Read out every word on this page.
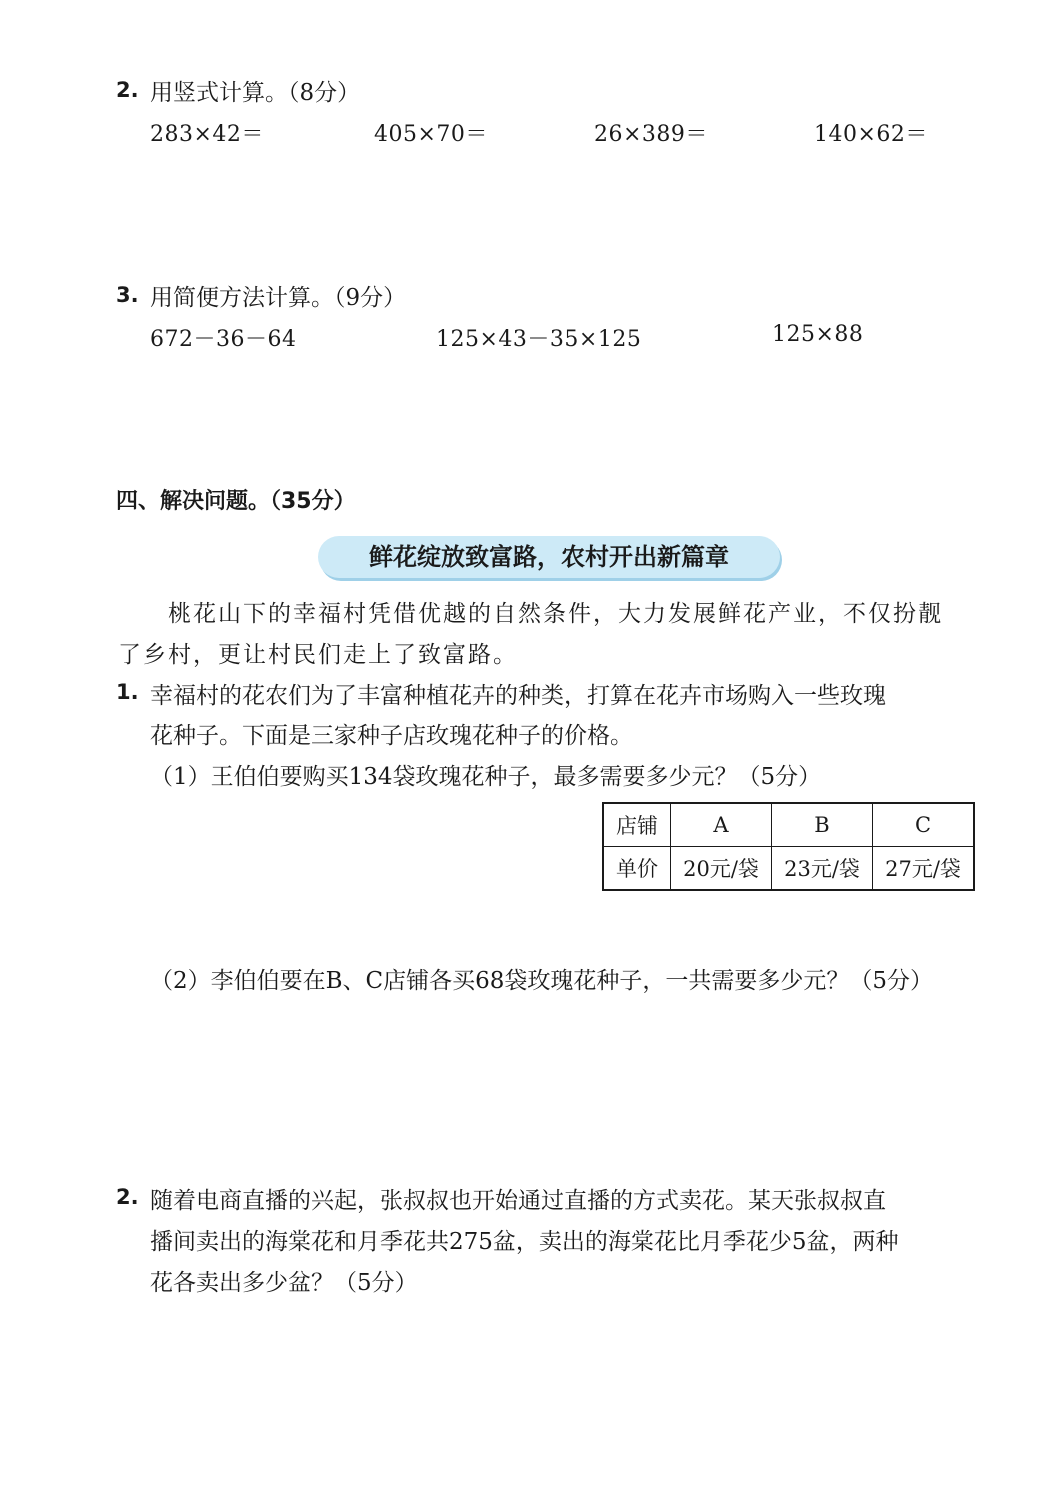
2. 用竖式计算。（8分）
283×42＝	405×70＝	26×389＝	140×62＝
3. 用简便方法计算。（9分）
672－36－64	125×43－35×125	125×88
四、解决问题。（35分）
鲜花绽放致富路，农村开出新篇章
桃花山下的幸福村凭借优越的自然条件，大力发展鲜花产业，不仅扮靓
了乡村，更让村民们走上了致富路。
1. 幸福村的花农们为了丰富种植花卉的种类，打算在花卉市场购入一些玫瑰
花种子。下面是三家种子店玫瑰花种子的价格。
（1）王伯伯要购买134袋玫瑰花种子，最多需要多少元？（5分）
店铺	A	B	C
单价	20元/袋	23元/袋	27元/袋
（2）李伯伯要在B、C店铺各买68袋玫瑰花种子，一共需要多少元？（5分）
2. 随着电商直播的兴起，张叔叔也开始通过直播的方式卖花。某天张叔叔直
播间卖出的海棠花和月季花共275盆，卖出的海棠花比月季花少5盆，两种
花各卖出多少盆？（5分）
